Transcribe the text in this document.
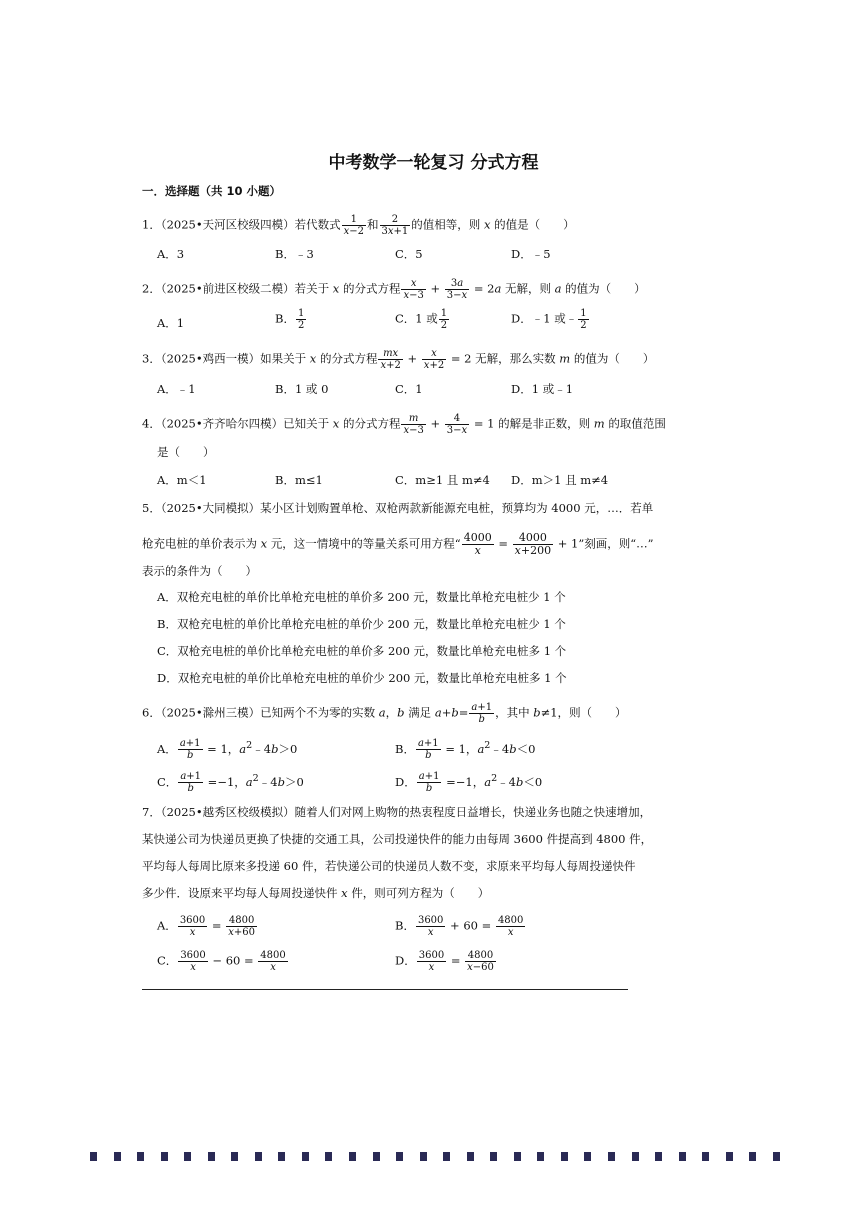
中考数学一轮复习 分式方程
一．选择题（共 10 小题）
1．（2025•天河区校级四模）若代数式 $\frac{1}{x-2}$ 和 $\frac{2}{3x+1}$ 的值相等，则 x 的值是（　　）
A．3	B．﹣3	C．5	D．﹣5
2．（2025•前进区校级二模）若关于 x 的分式方程 $\frac{x}{x-3} + \frac{3a}{3-x} = 2a$ 无解，则 a 的值为（　　）
A．1	B． $\frac{1}{2}$	C．1 或 $\frac{1}{2}$	D．﹣1 或﹣ $\frac{1}{2}$
3．（2025•鸡西一模）如果关于 x 的分式方程 $\frac{mx}{x+2} + \frac{x}{x+2} = 2$ 无解，那么实数 m 的值为（　　）
A．﹣1	B．1 或 0	C．1	D．1 或﹣1
4．（2025•齐齐哈尔四模）已知关于 x 的分式方程 $\frac{m}{x-3} + \frac{4}{3-x} = 1$ 的解是非正数，则 m 的取值范围
是（　　）
A．m＜1	B．m≤1	C．m≥1 且 m≠4 D．m＞1 且 m≠4
5．（2025•大同模拟）某小区计划购置单枪、双枪两款新能源充电桩，预算均为 4000 元，…．若单
枪充电桩的单价表示为 x 元，这一情境中的等量关系可用方程“ $\frac{4000}{x} = \frac{4000}{x+200} + 1$”刻画，则“…”
表示的条件为（　　）
A．双枪充电桩的单价比单枪充电桩的单价多 200 元，数量比单枪充电桩少 1 个
B．双枪充电桩的单价比单枪充电桩的单价少 200 元，数量比单枪充电桩少 1 个
C．双枪充电桩的单价比单枪充电桩的单价多 200 元，数量比单枪充电桩多 1 个
D．双枪充电桩的单价比单枪充电桩的单价少 200 元，数量比单枪充电桩多 1 个
6．（2025•滁州三模）已知两个不为零的实数 a，b 满足 $a+b= \frac{a+1}{b}$ ，其中 b≠1，则（　　）
A． $\frac{a+1}{b} = 1$，$a^2﹣4b>0$	B． $\frac{a+1}{b} = 1$，$a^2﹣4b<0$
C． $\frac{a+1}{b} =-1$，$a^2﹣4b>0$	D． $\frac{a+1}{b} =-1$，$a^2﹣4b<0$
7．（2025•越秀区校级模拟）随着人们对网上购物的热衷程度日益增长，快递业务也随之快速增加，
某快递公司为快递员更换了快捷的交通工具，公司投递快件的能力由每周 3600 件提高到 4800 件，
平均每人每周比原来多投递 60 件，若快递公司的快递员人数不变，求原来平均每人每周投递快件
多少件．设原来平均每人每周投递快件 x 件，则可列方程为（　　）
A． $\frac{3600}{x} = \frac{4800}{x+60}$	B． $\frac{3600}{x} + 60 = \frac{4800}{x}$
C． $\frac{3600}{x} - 60 = \frac{4800}{x}$	D． $\frac{3600}{x} = \frac{4800}{x-60}$
